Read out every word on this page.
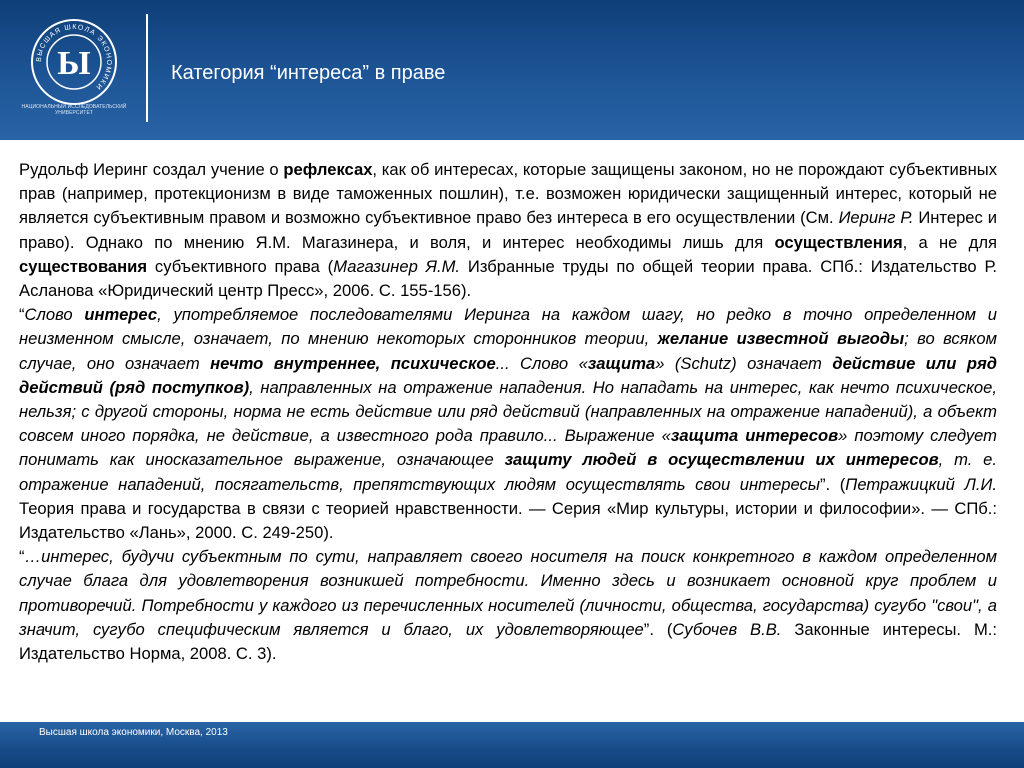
ВЫСШАЯ ШКОЛА ЭКОНОМИКИ
Ы
НАЦИОНАЛЬНЫЙ ИССЛЕДОВАТЕЛЬСКИЙ
УНИВЕРСИТЕТ
Категория “интереса” в праве

Рудольф Иеринг создал учение о рефлексах, как об интересах, которые защищены законом, но не порождают субъективных прав (например, протекционизм в виде таможенных пошлин), т.е. возможен юридически защищенный интерес, который не является субъективным правом и возможно субъективное право без интереса в его осуществлении (См. Иеринг Р. Интерес и право). Однако по мнению Я.М. Магазинера, и воля, и интерес необходимы лишь для осуществления, а не для существования субъективного права (Магазинер Я.М. Избранные труды по общей теории права. СПб.: Издательство Р. Асланова «Юридический центр Пресс», 2006. С. 155-156).

“Слово интерес, употребляемое последователями Иеринга на каждом шагу, но редко в точно определенном и неизменном смысле, означает, по мнению некоторых сторонников теории, желание известной выгоды; во всяком случае, оно означает нечто внутреннее, психическое... Слово «защита» (Schutz) означает действие или ряд действий (ряд поступков), направленных на отражение нападения. Но нападать на интерес, как нечто психическое, нельзя; с другой стороны, норма не есть действие или ряд действий (направленных на отражение нападений), а объект совсем иного порядка, не действие, а известного рода правило... Выражение «защита интересов» поэтому следует понимать как иносказательное выражение, означающее защиту людей в осуществлении их интересов, т. е. отражение нападений, посягательств, препятствующих людям осуществлять свои интересы”. (Петражицкий Л.И. Теория права и государства в связи с теорией нравственности. — Серия «Мир культуры, истории и философии». — СПб.: Издательство «Лань», 2000. С. 249-250).

“…интерес, будучи субъектным по сути, направляет своего носителя на поиск конкретного в каждом определенном случае блага для удовлетворения возникшей потребности. Именно здесь и возникает основной круг проблем и противоречий. Потребности у каждого из перечисленных носителей (личности, общества, государства) сугубо "свои", а значит, сугубо специфическим является и благо, их удовлетворяющее”. (Субочев В.В. Законные интересы. М.: Издательство Норма, 2008. С. 3).

Высшая школа экономики, Москва, 2013
